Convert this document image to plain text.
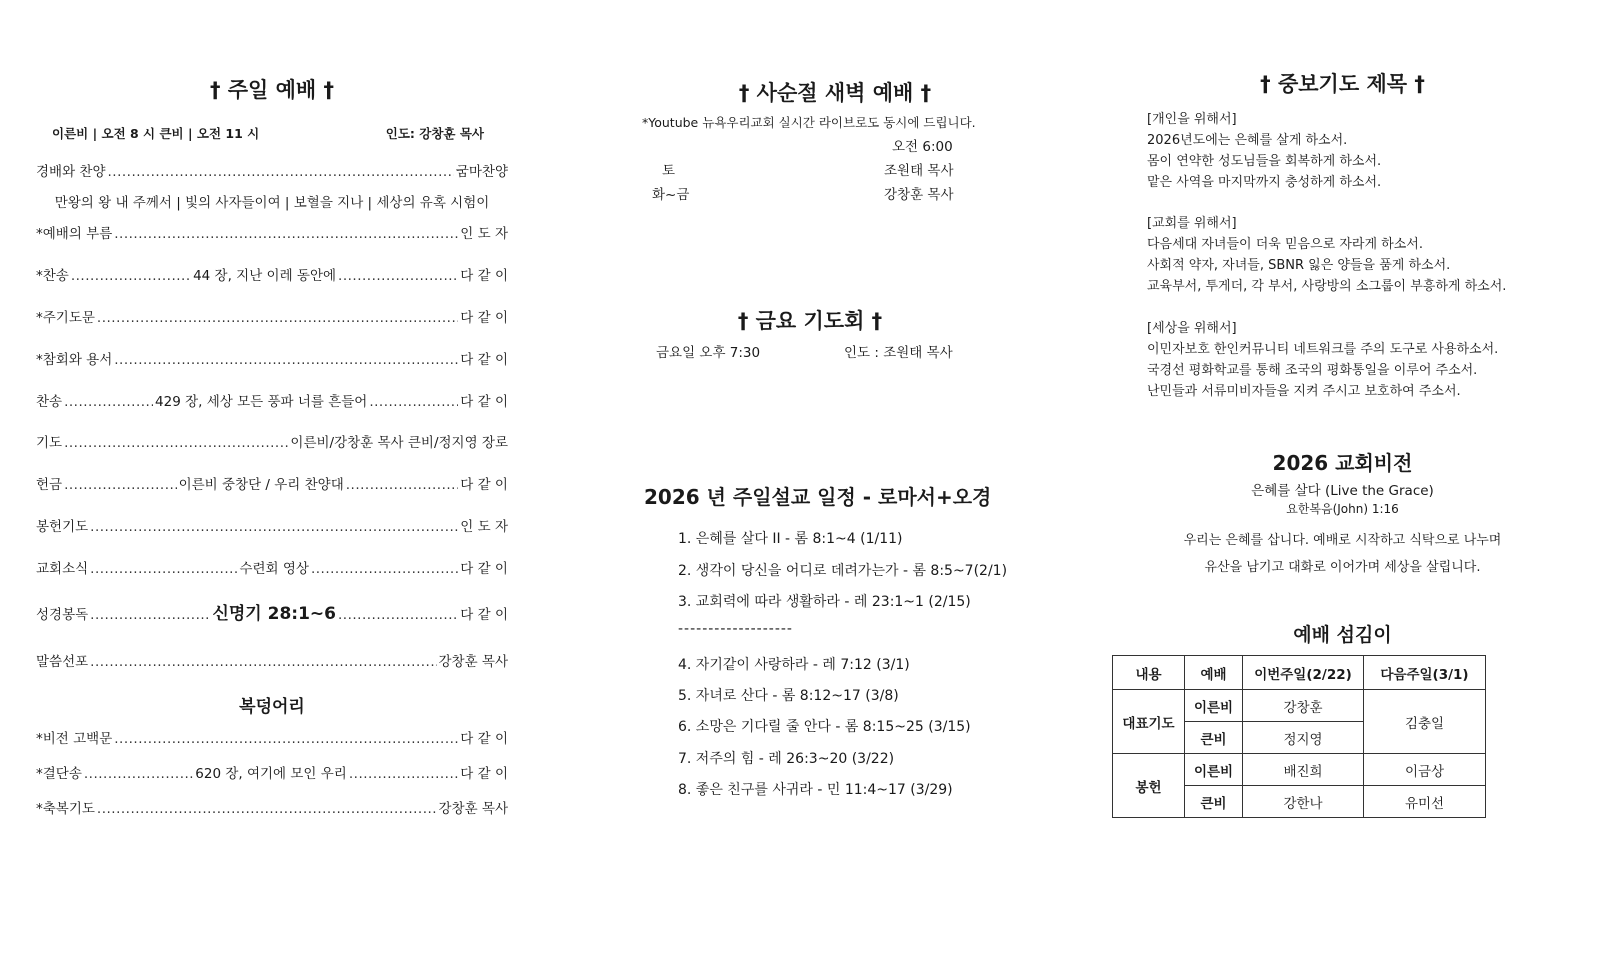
† 주일 예배 †
이른비 | 오전 8 시 큰비 | 오전 11 시	인도: 강창훈 목사
경배와 찬양 .....	굼마찬양
만왕의 왕 내 주께서 | 빛의 사자들이여 | 보혈을 지나 | 세상의 유혹 시험이
*예배의 부름 .....	인 도 자
*찬송 .....	44 장, 지난 이레 동안에 .....	다 같 이
*주기도문 .....	다 같 이
*참회와 용서 .....	다 같 이
찬송 .....	429 장, 세상 모든 풍파 너를 흔들어 .....	다 같 이
기도 .....	이른비/강창훈 목사 큰비/정지영 장로
헌금 .....	이른비 중창단 / 우리 찬양대 .....	다 같 이
봉헌기도 .....	인 도 자
교회소식 .....	수련회 영상 .....	다 같 이
성경봉독 .....	신명기 28:1~6 .....	다 같 이
말씀선포 .....	강창훈 목사
복덩어리
*비전 고백문 .....	다 같 이
*결단송 .....	620 장, 여기에 모인 우리 .....	다 같 이
*축복기도 .....	강창훈 목사
† 사순절 새벽 예배 †
*Youtube 뉴욕우리교회 실시간 라이브로도 동시에 드립니다.
오전 6:00
토	조원태 목사
화~금	강창훈 목사
† 금요 기도회 †
금요일 오후 7:30	인도 : 조원태 목사
2026 년 주일설교 일정 - 로마서+오경
1. 은혜를 살다 II - 롬 8:1~4 (1/11)
2. 생각이 당신을 어디로 데려가는가 - 롬 8:5~7(2/1)
3. 교회력에 따라 생활하라 - 레 23:1~1 (2/15)
-------------------
4. 자기같이 사랑하라 - 레 7:12 (3/1)
5. 자녀로 산다 - 롬 8:12~17 (3/8)
6. 소망은 기다릴 줄 안다 - 롬 8:15~25 (3/15)
7. 저주의 힘 - 레 26:3~20 (3/22)
8. 좋은 친구를 사귀라 - 민 11:4~17 (3/29)
† 중보기도 제목 †
[개인을 위해서]
2026년도에는 은혜를 살게 하소서.
몸이 연약한 성도님들을 회복하게 하소서.
맡은 사역을 마지막까지 충성하게 하소서.
[교회를 위해서]
다음세대 자녀들이 더욱 믿음으로 자라게 하소서.
사회적 약자, 자녀들, SBNR 잃은 양들을 품게 하소서.
교육부서, 투게더, 각 부서, 사랑방의 소그룹이 부흥하게 하소서.
[세상을 위해서]
이민자보호 한인커뮤니티 네트워크를 주의 도구로 사용하소서.
국경선 평화학교를 통해 조국의 평화통일을 이루어 주소서.
난민들과 서류미비자들을 지켜 주시고 보호하여 주소서.
2026 교회비전
은혜를 살다 (Live the Grace)
요한복음(John) 1:16
우리는 은혜를 삽니다. 예배로 시작하고 식탁으로 나누며
유산을 남기고 대화로 이어가며 세상을 살립니다.
예배 섬김이
내용	예배	이번주일(2/22)	다음주일(3/1)
대표기도	이른비	강창훈	김충일
	큰비	정지영	
봉헌	이른비	배진희	이금상
	큰비	강한나	유미선
